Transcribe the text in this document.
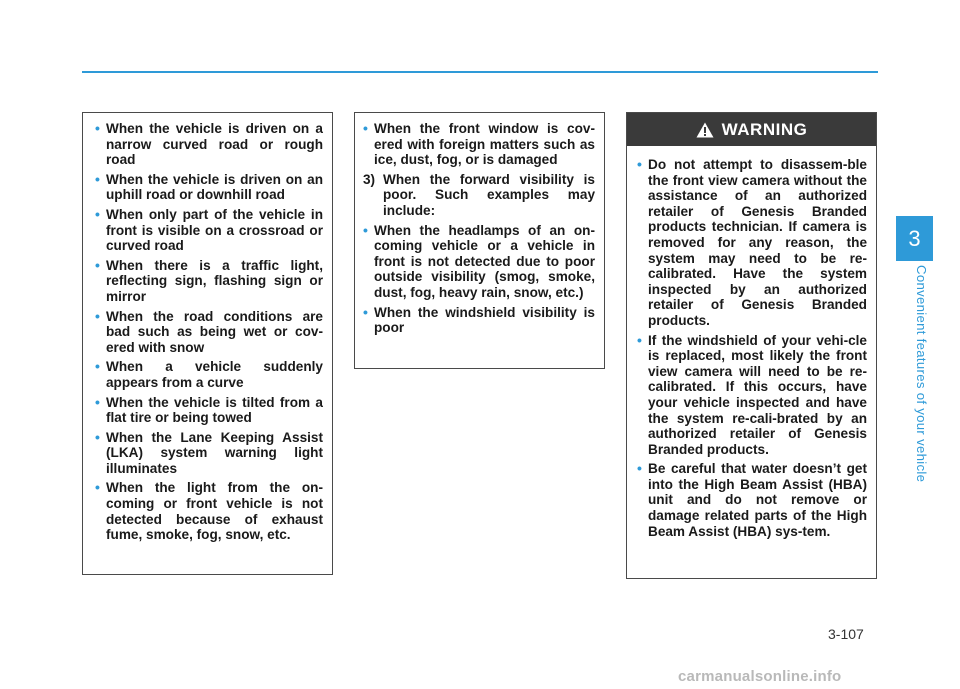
• When the vehicle is driven on a narrow curved road or rough road
• When the vehicle is driven on an uphill road or downhill road
• When only part of the vehicle in front is visible on a crossroad or curved road
• When there is a traffic light, reflecting sign, flashing sign or mirror
• When the road conditions are bad such as being wet or cov-ered with snow
• When a vehicle suddenly appears from a curve
• When the vehicle is tilted from a flat tire or being towed
• When the Lane Keeping Assist (LKA) system warning light illuminates
• When the light from the on-coming or front vehicle is not detected because of exhaust fume, smoke, fog, snow, etc.
• When the front window is cov-ered with foreign matters such as ice, dust, fog, or is damaged
3) When the forward visibility is poor. Such examples may include:
• When the headlamps of an on-coming vehicle or a vehicle in front is not detected due to poor outside visibility (smog, smoke, dust, fog, heavy rain, snow, etc.)
• When the windshield visibility is poor
WARNING
• Do not attempt to disassem-ble the front view camera without the assistance of an authorized retailer of Genesis Branded products technician. If camera is removed for any reason, the system may need to be re-calibrated. Have the system inspected by an authorized retailer of Genesis Branded products.
• If the windshield of your vehi-cle is replaced, most likely the front view camera will need to be re-calibrated. If this occurs, have your vehicle inspected and have the system re-cali-brated by an authorized retailer of Genesis Branded products.
• Be careful that water doesn’t get into the High Beam Assist (HBA) unit and do not remove or damage related parts of the High Beam Assist (HBA) sys-tem.
3
Convenient features of your vehicle
3-107
carmanualsonline.info
